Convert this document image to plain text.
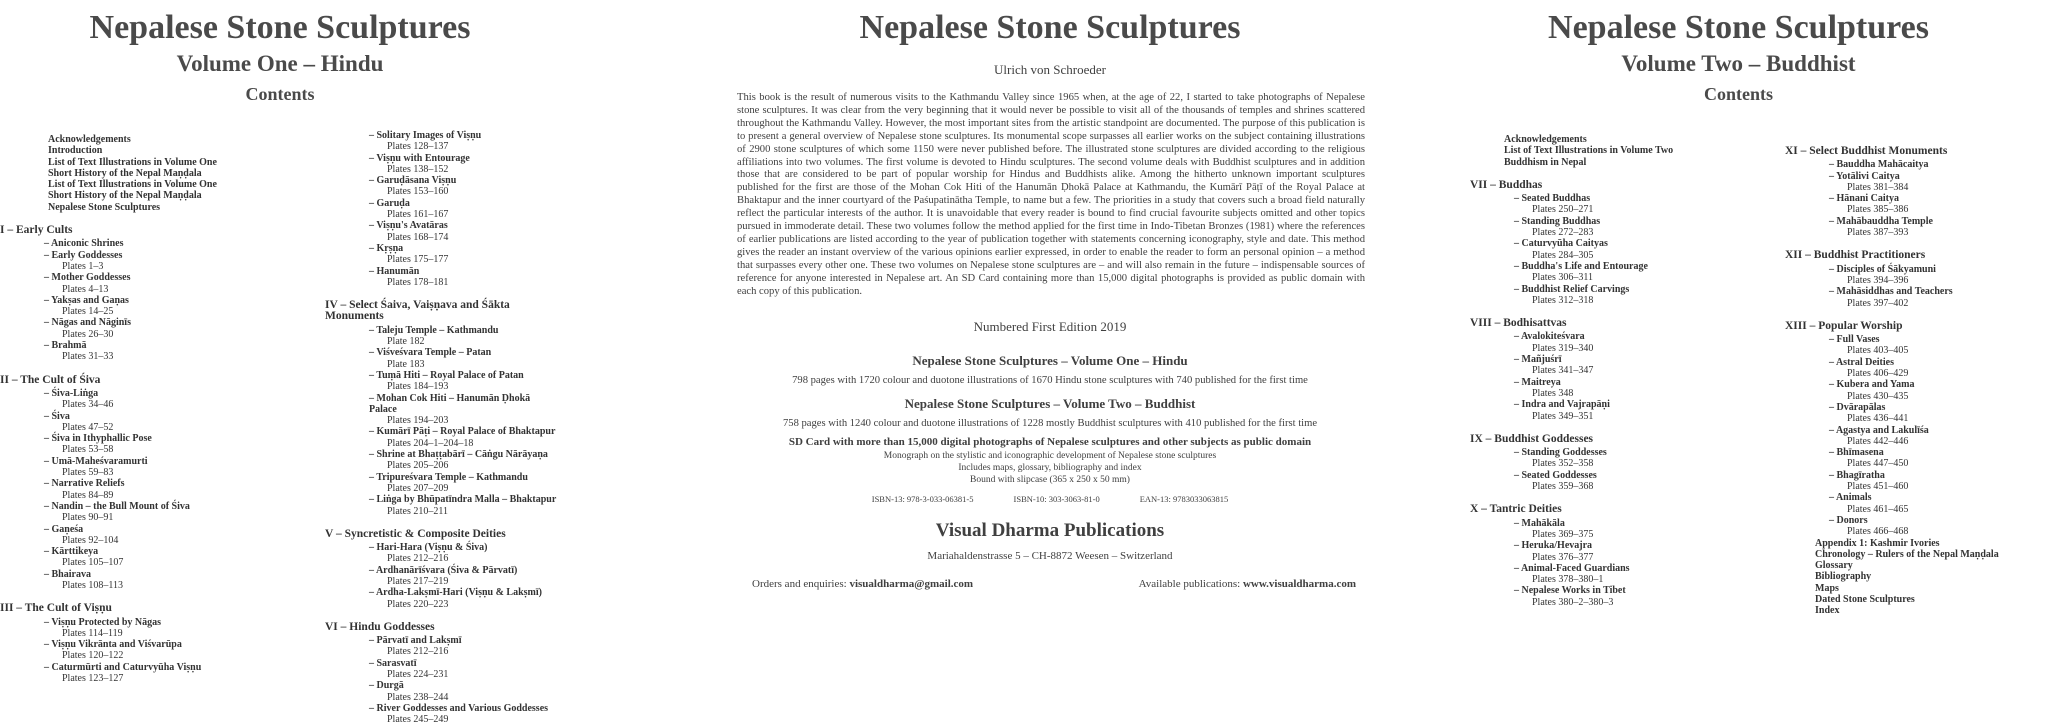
Nepalese Stone Sculptures
Volume One – Hindu
Contents
Acknowledgements
Introduction
List of Text Illustrations in Volume One
Short History of the Nepal Maṇḍala
List of Text Illustrations in Volume One
Short History of the Nepal Maṇḍala
Nepalese Stone Sculptures
I – Early Cults
– Aniconic Shrines
– Early Goddesses
Plates 1–3
– Mother Goddesses
Plates 4–13
– Yakṣas and Gaṇas
Plates 14–25
– Nāgas and Nāginīs
Plates 26–30
– Brahmā
Plates 31–33
II – The Cult of Śiva
– Śiva-Liṅga
Plates 34–46
– Śiva
Plates 47–52
– Śiva in Ithyphallic Pose
Plates 53–58
– Umā-Maheśvaramurti
Plates 59–83
– Narrative Reliefs
Plates 84–89
– Nandin – the Bull Mount of Śiva
Plates 90–91
– Gaṇeśa
Plates 92–104
– Kārttikeya
Plates 105–107
– Bhairava
Plates 108–113
III – The Cult of Viṣṇu
– Viṣṇu Protected by Nāgas
Plates 114–119
– Viṣṇu Vikrānta and Viśvarūpa
Plates 120–122
– Caturmūrti and Caturvyūha Viṣṇu
Plates 123–127
– Solitary Images of Viṣṇu
Plates 128–137
– Viṣṇu with Entourage
Plates 138–152
– Garuḍāsana Viṣṇu
Plates 153–160
– Garuḍa
Plates 161–167
– Viṣṇu's Avatāras
Plates 168–174
– Kṛṣṇa
Plates 175–177
– Hanumān
Plates 178–181
IV – Select Śaiva, Vaiṣṇava and Śākta Monuments
– Taleju Temple – Kathmandu
Plate 182
– Viśveśvara Temple – Patan
Plate 183
– Tuṃā Hiti – Royal Palace of Patan
Plates 184–193
– Mohan Cok Hiti – Hanumān Ḍhokā Palace
Plates 194–203
– Kumārī Pāṭi – Royal Palace of Bhaktapur
Plates 204–1–204–18
– Shrine at Bhaṭṭabārī – Cāṅgu Nārāyaṇa
Plates 205–206
– Tripureśvara Temple – Kathmandu
Plates 207–209
– Liṅga by Bhūpatīndra Malla – Bhaktapur
Plates 210–211
V – Syncretistic & Composite Deities
– Hari-Hara (Viṣṇu & Śiva)
Plates 212–216
– Ardhanārīśvara (Śiva & Pārvatī)
Plates 217–219
– Ardha-Lakṣmī-Hari (Viṣṇu & Lakṣmī)
Plates 220–223
VI – Hindu Goddesses
– Pārvatī and Lakṣmī
Plates 212–216
– Sarasvatī
Plates 224–231
– Durgā
Plates 238–244
– River Goddesses and Various Goddesses
Plates 245–249
Nepalese Stone Sculptures
Ulrich von Schroeder
This book is the result of numerous visits to the Kathmandu Valley since 1965 when, at the age of 22, I started to take photographs of Nepalese stone sculptures. It was clear from the very beginning that it would never be possible to visit all of the thousands of temples and shrines scattered throughout the Kathmandu Valley. However, the most important sites from the artistic standpoint are documented. The purpose of this publication is to present a general overview of Nepalese stone sculptures. Its monumental scope surpasses all earlier works on the subject containing illustrations of 2900 stone sculptures of which some 1150 were never published before. The illustrated stone sculptures are divided according to the religious affiliations into two volumes. The first volume is devoted to Hindu sculptures. The second volume deals with Buddhist sculptures and in addition those that are considered to be part of popular worship for Hindus and Buddhists alike. Among the hitherto unknown important sculptures published for the first are those of the Mohan Cok Hiti of the Hanumān Ḍhokā Palace at Kathmandu, the Kumārī Pāṭī of the Royal Palace at Bhaktapur and the inner courtyard of the Paśupatinātha Temple, to name but a few. The priorities in a study that covers such a broad field naturally reflect the particular interests of the author. It is unavoidable that every reader is bound to find crucial favourite subjects omitted and other topics pursued in immoderate detail. These two volumes follow the method applied for the first time in Indo-Tibetan Bronzes (1981) where the references of earlier publications are listed according to the year of publication together with statements concerning iconography, style and date. This method gives the reader an instant overview of the various opinions earlier expressed, in order to enable the reader to form an personal opinion – a method that surpasses every other one. These two volumes on Nepalese stone sculptures are – and will also remain in the future – indispensable sources of reference for anyone interested in Nepalese art. An SD Card containing more than 15,000 digital photographs is provided as public domain with each copy of this publication.
Numbered First Edition 2019
Nepalese Stone Sculptures – Volume One – Hindu
798 pages with 1720 colour and duotone illustrations of 1670 Hindu stone sculptures with 740 published for the first time
Nepalese Stone Sculptures – Volume Two – Buddhist
758 pages with 1240 colour and duotone illustrations of 1228 mostly Buddhist sculptures with 410 published for the first time
SD Card with more than 15,000 digital photographs of Nepalese sculptures and other subjects as public domain
Monograph on the stylistic and iconographic development of Nepalese stone sculptures
Includes maps, glossary, bibliography and index
Bound with slipcase (365 x 250 x 50 mm)
ISBN-13: 978-3-033-06381-5	ISBN-10: 303-3063-81-0	EAN-13: 9783033063815
Visual Dharma Publications
Mariahaldenstrasse 5 – CH-8872 Weesen – Switzerland
Orders and enquiries: visualdharma@gmail.com	Available publications: www.visualdharma.com
Nepalese Stone Sculptures
Volume Two – Buddhist
Contents
Acknowledgements
List of Text Illustrations in Volume Two
Buddhism in Nepal
VII – Buddhas
– Seated Buddhas
Plates 250–271
– Standing Buddhas
Plates 272–283
– Caturvyūha Caityas
Plates 284–305
– Buddha's Life and Entourage
Plates 306–311
– Buddhist Relief Carvings
Plates 312–318
VIII – Bodhisattvas
– Avalokiteśvara
Plates 319–340
– Mañjuśrī
Plates 341–347
– Maitreya
Plates 348
– Indra and Vajrapāṇi
Plates 349–351
IX – Buddhist Goddesses
– Standing Goddesses
Plates 352–358
– Seated Goddesses
Plates 359–368
X – Tantric Deities
– Mahākāla
Plates 369–375
– Heruka/Hevajra
Plates 376–377
– Animal-Faced Guardians
Plates 378–380–1
– Nepalese Works in Tibet
Plates 380–2–380–3
XI – Select Buddhist Monuments
– Bauddha Mahācaitya
– Yotālivi Caitya
Plates 381–384
– Hānani Caitya
Plates 385–386
– Mahābauddha Temple
Plates 387–393
XII – Buddhist Practitioners
– Disciples of Śākyamuni
Plates 394–396
– Mahāsiddhas and Teachers
Plates 397–402
XIII – Popular Worship
– Full Vases
Plates 403–405
– Astral Deities
Plates 406–429
– Kubera and Yama
Plates 430–435
– Dvārapālas
Plates 436–441
– Agastya and Lakulīśa
Plates 442–446
– Bhīmasena
Plates 447–450
– Bhagīratha
Plates 451–460
– Animals
Plates 461–465
– Donors
Plates 466–468
Appendix 1: Kashmir Ivories
Chronology – Rulers of the Nepal Maṇḍala
Glossary
Bibliography
Maps
Dated Stone Sculptures
Index
